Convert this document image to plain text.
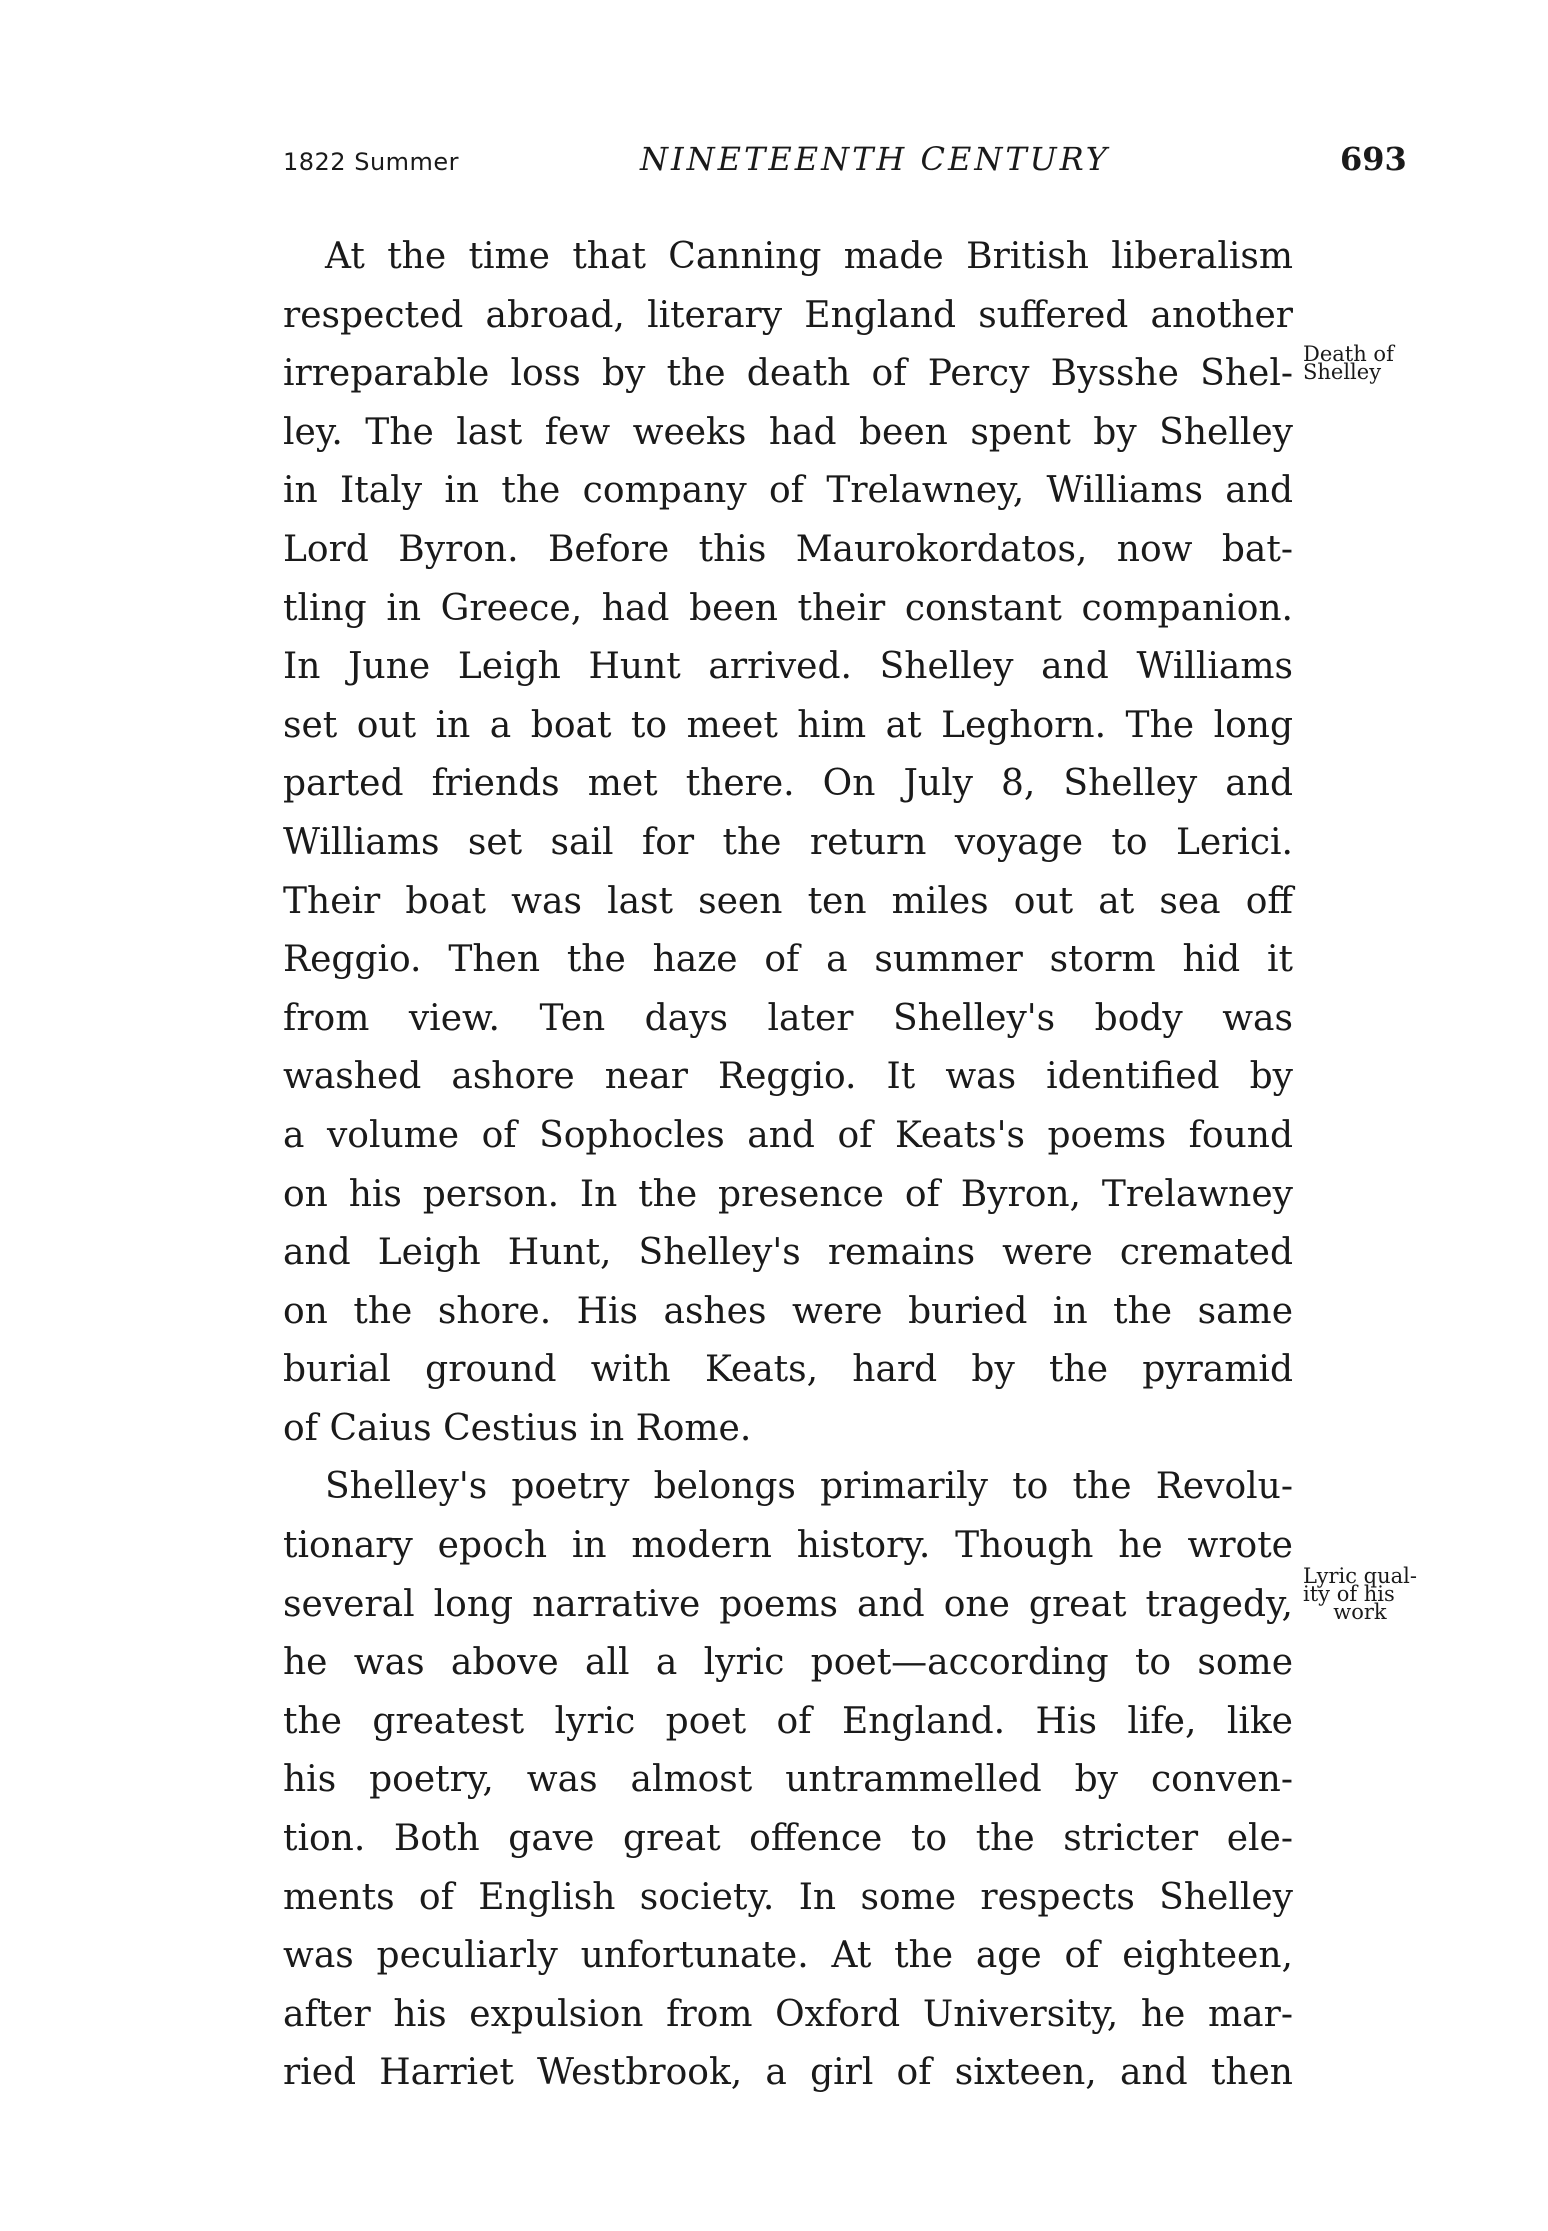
1822 Summer	NINETEENTH CENTURY	693
At the time that Canning made British liberalism
respected abroad, literary England suffered another
irreparable loss by the death of Percy Bysshe Shel-
ley. The last few weeks had been spent by Shelley
in Italy in the company of Trelawney, Williams and
Lord Byron. Before this Maurokordatos, now bat-
tling in Greece, had been their constant companion.
In June Leigh Hunt arrived. Shelley and Williams
set out in a boat to meet him at Leghorn. The long
parted friends met there. On July 8, Shelley and
Williams set sail for the return voyage to Lerici.
Their boat was last seen ten miles out at sea off
Reggio. Then the haze of a summer storm hid it
from view. Ten days later Shelley's body was
washed ashore near Reggio. It was identified by
a volume of Sophocles and of Keats's poems found
on his person. In the presence of Byron, Trelawney
and Leigh Hunt, Shelley's remains were cremated
on the shore. His ashes were buried in the same
burial ground with Keats, hard by the pyramid
of Caius Cestius in Rome.
Shelley's poetry belongs primarily to the Revolu-
tionary epoch in modern history. Though he wrote
several long narrative poems and one great tragedy,
he was above all a lyric poet—according to some
the greatest lyric poet of England. His life, like
his poetry, was almost untrammelled by conven-
tion. Both gave great offence to the stricter ele-
ments of English society. In some respects Shelley
was peculiarly unfortunate. At the age of eighteen,
after his expulsion from Oxford University, he mar-
ried Harriet Westbrook, a girl of sixteen, and then
Death of
Shelley
Lyric qual-
ity of his
work
